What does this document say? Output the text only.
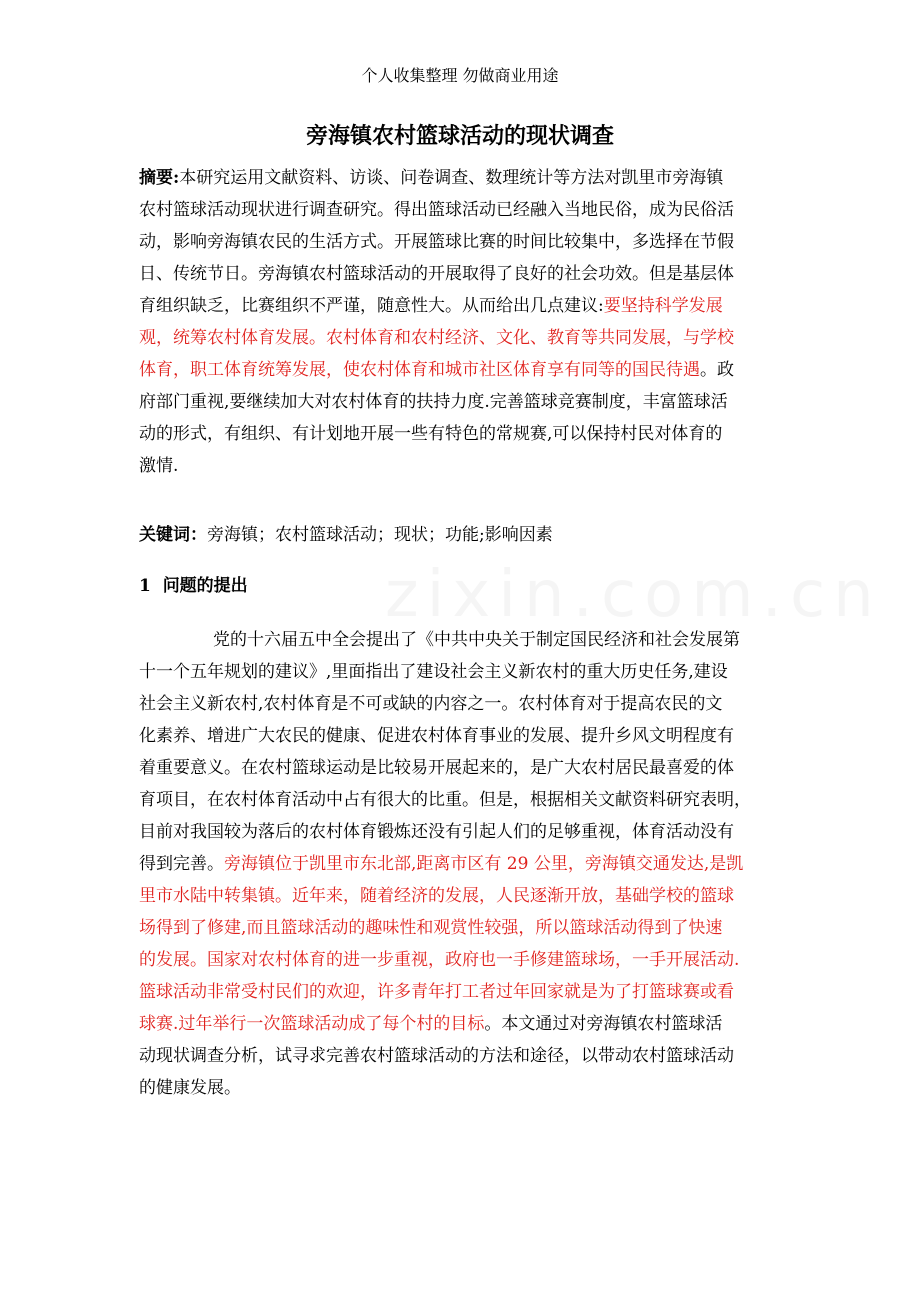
zixin.com.cn
个人收集整理 勿做商业用途
旁海镇农村篮球活动的现状调查
摘要:本研究运用文献资料、访谈、问卷调查、数理统计等方法对凯里市旁海镇
农村篮球活动现状进行调查研究。得出篮球活动已经融入当地民俗，成为民俗活
动，影响旁海镇农民的生活方式。开展篮球比赛的时间比较集中，多选择在节假
日、传统节日。旁海镇农村篮球活动的开展取得了良好的社会功效。但是基层体
育组织缺乏，比赛组织不严谨，随意性大。从而给出几点建议:要坚持科学发展
观，统筹农村体育发展。农村体育和农村经济、文化、教育等共同发展，与学校
体育，职工体育统筹发展，使农村体育和城市社区体育享有同等的国民待遇。政
府部门重视,要继续加大对农村体育的扶持力度.完善篮球竞赛制度，丰富篮球活
动的形式，有组织、有计划地开展一些有特色的常规赛,可以保持村民对体育的
激情.
关键词：旁海镇；农村篮球活动；现状；功能;影响因素
1 问题的提出
党的十六届五中全会提出了《中共中央关于制定国民经济和社会发展第
十一个五年规划的建议》,里面指出了建设社会主义新农村的重大历史任务,建设
社会主义新农村,农村体育是不可或缺的内容之一。农村体育对于提高农民的文
化素养、增进广大农民的健康、促进农村体育事业的发展、提升乡风文明程度有
着重要意义。在农村篮球运动是比较易开展起来的，是广大农村居民最喜爱的体
育项目，在农村体育活动中占有很大的比重。但是，根据相关文献资料研究表明，
目前对我国较为落后的农村体育锻炼还没有引起人们的足够重视，体育活动没有
得到完善。旁海镇位于凯里市东北部,距离市区有 29 公里，旁海镇交通发达,是凯
里市水陆中转集镇。近年来，随着经济的发展，人民逐渐开放，基础学校的篮球
场得到了修建,而且篮球活动的趣味性和观赏性较强，所以篮球活动得到了快速
的发展。国家对农村体育的进一步重视，政府也一手修建篮球场，一手开展活动.
篮球活动非常受村民们的欢迎，许多青年打工者过年回家就是为了打篮球赛或看
球赛.过年举行一次篮球活动成了每个村的目标。本文通过对旁海镇农村篮球活
动现状调查分析，试寻求完善农村篮球活动的方法和途径，以带动农村篮球活动
的健康发展。
